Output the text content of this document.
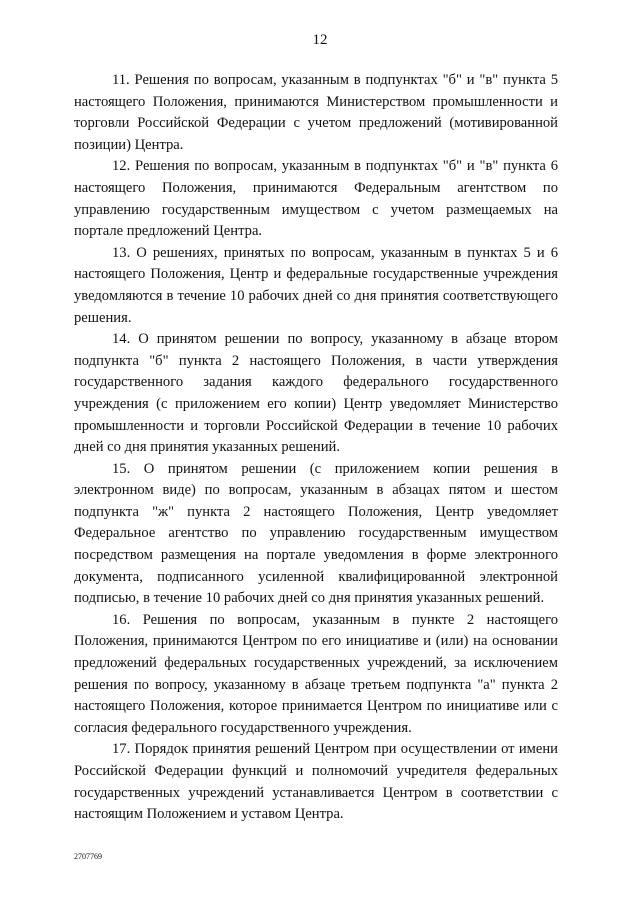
12

11. Решения по вопросам, указанным в подпунктах "б" и "в" пункта 5 настоящего Положения, принимаются Министерством промышленности и торговли Российской Федерации с учетом предложений (мотивированной позиции) Центра.

12. Решения по вопросам, указанным в подпунктах "б" и "в" пункта 6 настоящего Положения, принимаются Федеральным агентством по управлению государственным имуществом с учетом размещаемых на портале предложений Центра.

13. О решениях, принятых по вопросам, указанным в пунктах 5 и 6 настоящего Положения, Центр и федеральные государственные учреждения уведомляются в течение 10 рабочих дней со дня принятия соответствующего решения.

14. О принятом решении по вопросу, указанному в абзаце втором подпункта "б" пункта 2 настоящего Положения, в части утверждения государственного задания каждого федерального государственного учреждения (с приложением его копии) Центр уведомляет Министерство промышленности и торговли Российской Федерации в течение 10 рабочих дней со дня принятия указанных решений.

15. О принятом решении (с приложением копии решения в электронном виде) по вопросам, указанным в абзацах пятом и шестом подпункта "ж" пункта 2 настоящего Положения, Центр уведомляет Федеральное агентство по управлению государственным имуществом посредством размещения на портале уведомления в форме электронного документа, подписанного усиленной квалифицированной электронной подписью, в течение 10 рабочих дней со дня принятия указанных решений.

16. Решения по вопросам, указанным в пункте 2 настоящего Положения, принимаются Центром по его инициативе и (или) на основании предложений федеральных государственных учреждений, за исключением решения по вопросу, указанному в абзаце третьем подпункта "а" пункта 2 настоящего Положения, которое принимается Центром по инициативе или с согласия федерального государственного учреждения.

17. Порядок принятия решений Центром при осуществлении от имени Российской Федерации функций и полномочий учредителя федеральных государственных учреждений устанавливается Центром в соответствии с настоящим Положением и уставом Центра.

2707769
